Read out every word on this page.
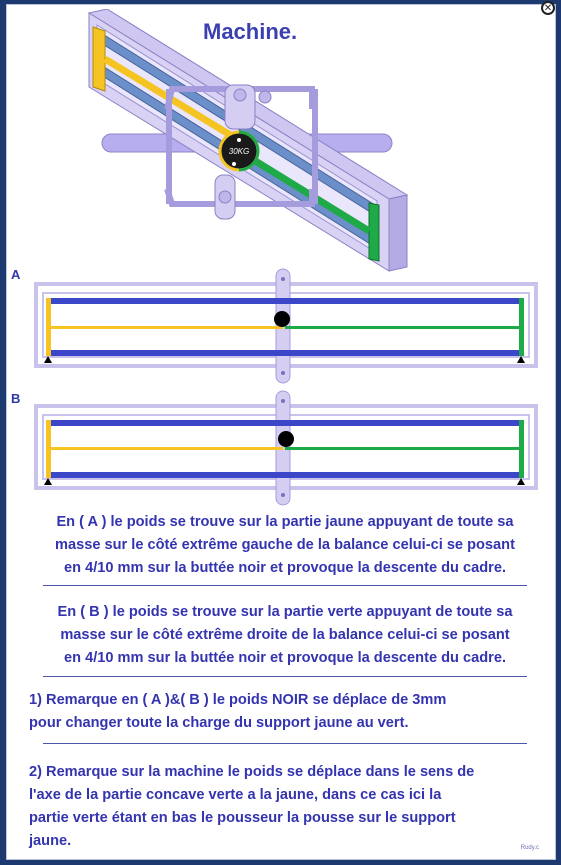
✕
Machine.
30KG
A
B
En ( A ) le poids se trouve sur la partie jaune appuyant de toute sa
masse sur le côté extrême gauche de la balance celui-ci se posant
en 4/10 mm sur la buttée noir et provoque la descente du cadre.
En ( B ) le poids se trouve sur la partie verte appuyant de toute sa
masse sur le côté extrême droite de la balance celui-ci se posant
en 4/10 mm sur la buttée noir et provoque la descente du cadre.
1) Remarque en ( A )&( B ) le poids NOIR se déplace de 3mm
pour changer toute la charge du support jaune au vert.
2) Remarque sur la machine le poids se déplace dans le sens de
l'axe de la partie concave verte a la jaune, dans ce cas ici la
partie verte étant en bas le pousseur la pousse sur le support
jaune.	Rudy.c
